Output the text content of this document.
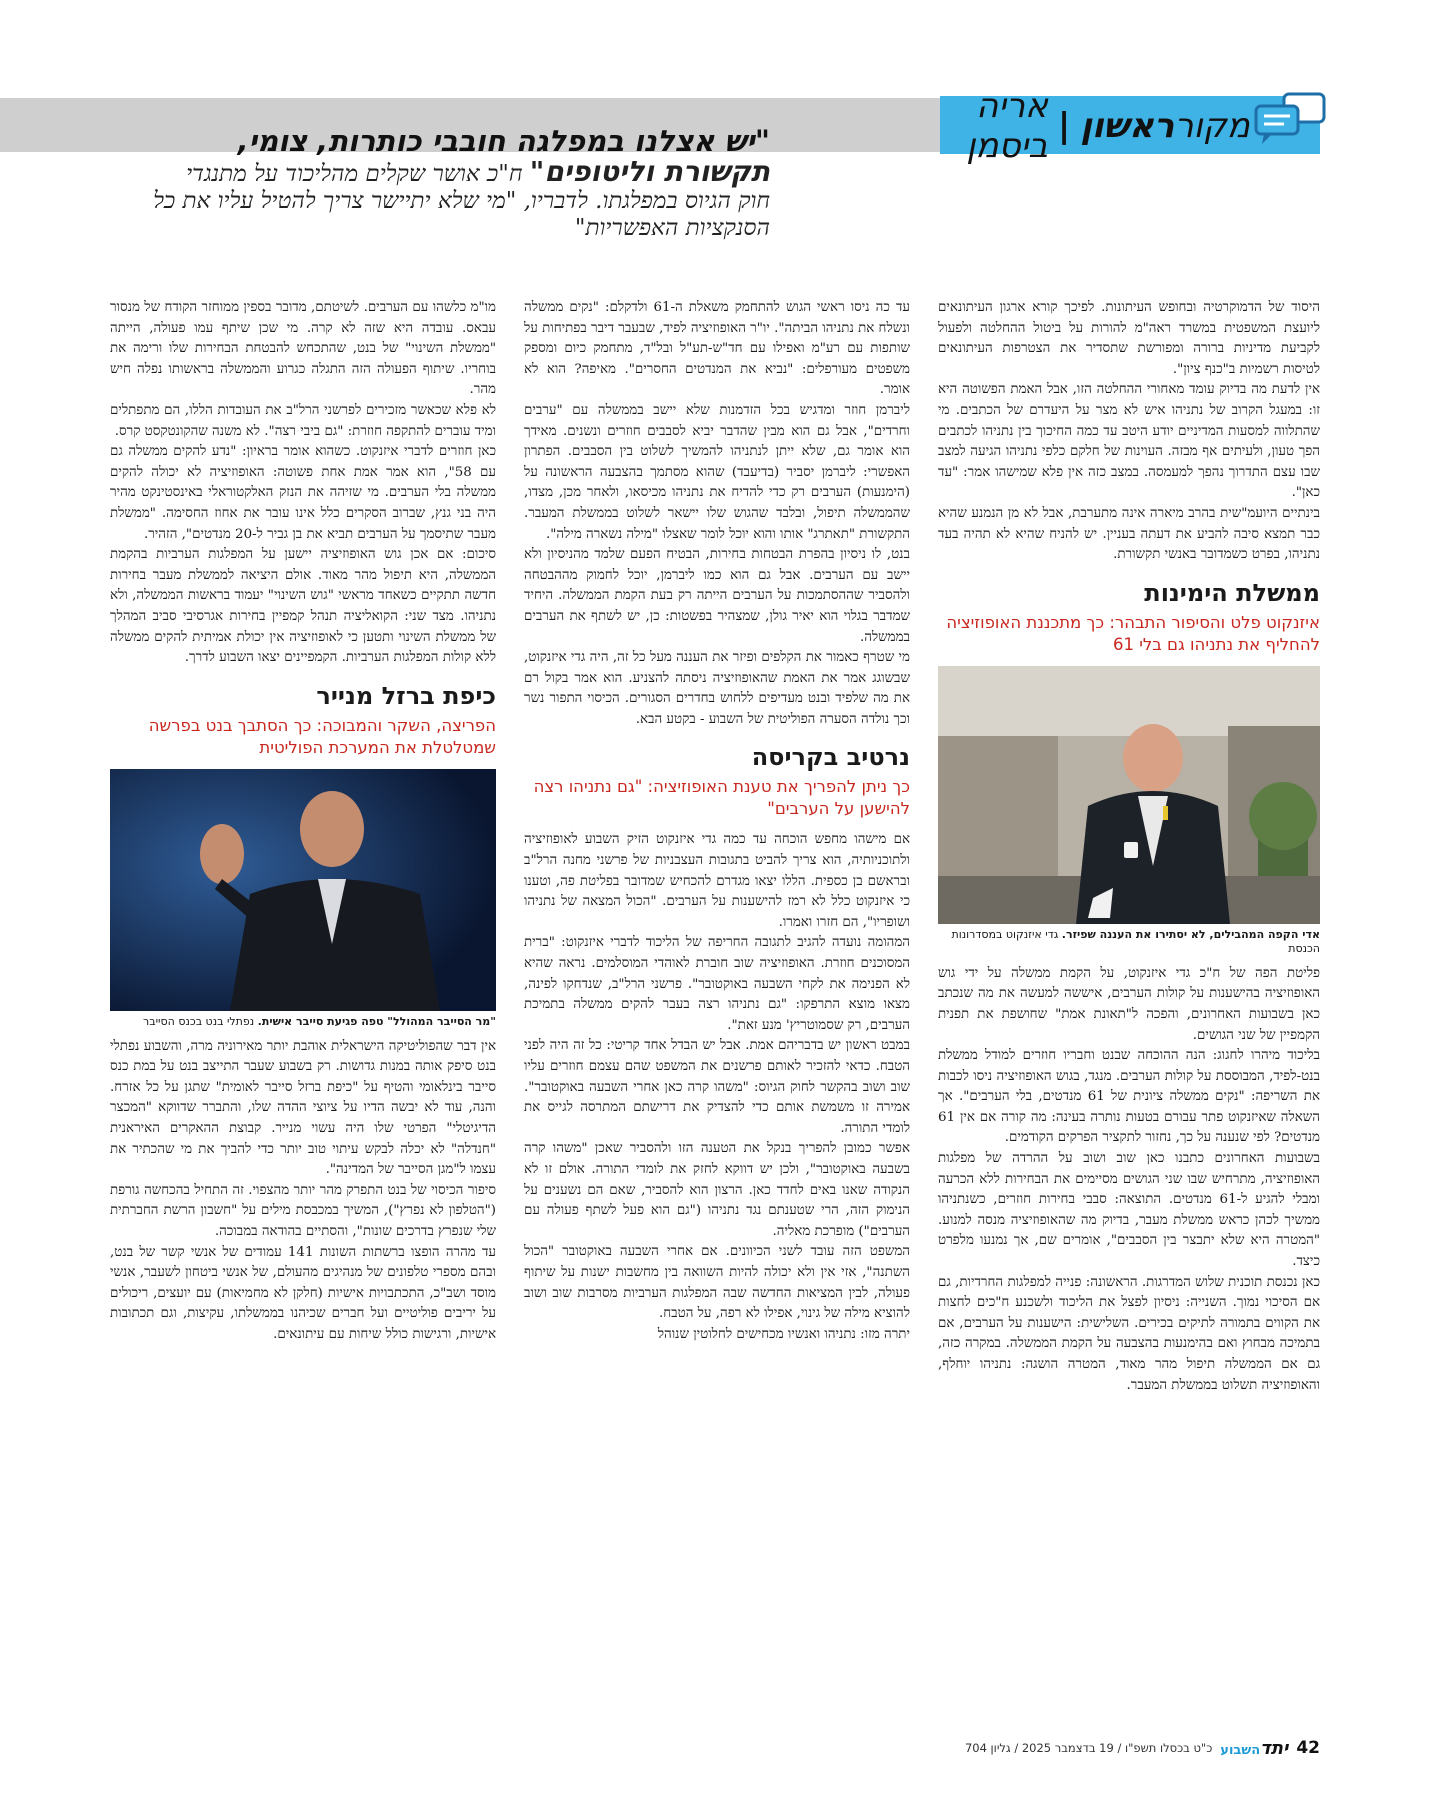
מקורראשון
|
אריה ביסמן
"יש אצלנו במפלגה חובבי כותרות, צומי,
תקשורת וליטופים" ח"כ אושר שקלים מהליכוד על מתנגדי חוק הגיוס במפלגתו. לדבריו, "מי שלא יתיישר צריך להטיל עליו את כל הסנקציות האפשריות"

היסוד של הדמוקרטיה ובחופש העיתונות. לפיכך קורא ארגון העיתונאים ליועצת המשפטית במשרד ראה"מ להורות על ביטול ההחלטה ולפעול לקביעת מדיניות ברורה ומפורשת שתסדיר את הצטרפות העיתונאים לטיסות רשמיות ב"כנף ציון".

אין לדעת מה בדיוק עומד מאחורי ההחלטה הזו, אבל האמת הפשוטה היא זו: במעגל הקרוב של נתניהו איש לא מצר על היעדרם של הכתבים. מי שהתלווה למסעות המדיניים יודע היטב עד כמה החיכוך בין נתניהו לכתבים הפך טעון, ולעיתים אף מבזה. העוינות של חלקם כלפי נתניהו הגיעה למצב שבו עצם התדרוך נהפך למעמסה. במצב כזה אין פלא שמישהו אמר: "עד כאן".

בינתיים היועמ"שית בהרב מיארה אינה מתערבת, אבל לא מן הנמנע שהיא כבר תמצא סיבה להביע את דעתה בעניין. יש להניח שהיא לא תהיה בעד נתניהו, בפרט כשמדובר באנשי תקשורת.

ממשלת הימינות
איזנקוט פלט והסיפור התבהר: כך מתכננת האופוזיציה להחליף את נתניהו גם בלי 61
אדי הקפה המהבילים, לא יסתירו את העננה שפיזר. גדי איזנקוט במסדרונות הכנסת

פליטת הפה של ח"כ גדי איזנקוט, על הקמת ממשלה על ידי גוש האופוזיציה בהישענות על קולות הערבים, איששה למעשה את מה שנכתב כאן בשבועות האחרונים, והפכה ל"תאונת אמת" שחושפת את תפנית הקמפיין של שני הגושים.

בליכוד מיהרו לחגוג: הנה ההוכחה שבנט וחבריו חוזרים למודל ממשלת בנט-לפיד, המבוססת על קולות הערבים. מנגד, בגוש האופוזיציה ניסו לכבות את השריפה: "נקים ממשלה ציונית של 61 מנדטים, בלי הערבים". אך השאלה שאיזנקוט פתר עבורם בטעות נותרה בעינה: מה קורה אם אין 61 מנדטים? לפי שנענה על כך, נחזור לתקציר הפרקים הקודמים.

בשבועות האחרונים כתבנו כאן שוב ושוב על ההרדה של מפלגות האופוזיציה, מתרחיש שבו שני הגושים מסיימים את הבחירות ללא הכרעה ומבלי להגיע ל-61 מנדטים. התוצאה: סבבי בחירות חוזרים, כשנתניהו ממשיך לכהן כראש ממשלת מעבר, בדיוק מה שהאופוזיציה מנסה למנוע. "המטרה היא שלא יתבצר בין הסבבים", אומרים שם, אך נמנעו מלפרט כיצד.

כאן נכנסת תוכנית שלוש המדרגות. הראשונה: פנייה למפלגות החרדיות, גם אם הסיכוי נמוך. השנייה: ניסיון לפצל את הליכוד ולשכנע ח"כים לחצות את הקווים בתמורה לתיקים בכירים. השלישית: הישענות על הערבים, אם בתמיכה מבחוץ ואם בהימנעות בהצבעה על הקמת הממשלה. במקרה כזה, גם אם הממשלה תיפול מהר מאוד, המטרה הושגה: נתניהו יוחלף, והאופוזיציה תשלוט בממשלת המעבר.

עד כה ניסו ראשי הגוש להתחמק משאלת ה-61 ולדקלם: "נקים ממשלה ונשלח את נתניהו הביתה". יו"ר האופוזיציה לפיד, שבעבר דיבר בפתיחות על שותפות עם רע"מ ואפילו עם חד"ש-תע"ל ובל"ד, מתחמק כיום ומספק משפטים מעורפלים: "נביא את המנדטים החסרים". מאיפה? הוא לא אומר.

ליברמן חוזר ומדגיש בכל הזדמנות שלא יישב בממשלה עם "ערבים וחרדים", אבל גם הוא מבין שהדבר יביא לסבבים חוזרים ונשנים. מאידך הוא אומר גם, שלא ייתן לנתניהו להמשיך לשלוט בין הסבבים. הפתרון האפשרי: ליברמן יסביר (בדיעבד) שהוא מסתמך בהצבעה הראשונה על (הימנעות) הערבים רק כדי להדיח את נתניהו מכיסאו, ולאחר מכן, מצדו, שהממשלה תיפול, ובלבד שהגוש שלו יישאר לשלוט בממשלת המעבר. התקשורת "תאתרג" אותו והוא יוכל לומר שאצלו "מילה נשארה מילה".

בנט, לו ניסיון בהפרת הבטחות בחירות, הבטיח הפעם שלמד מהניסיון ולא יישב עם הערבים. אבל גם הוא כמו ליברמן, יוכל לחמוק מההבטחה ולהסביר שההסתמכות על הערבים הייתה רק בעת הקמת הממשלה. היחיד שמדבר בגלוי הוא יאיר גולן, שמצהיר בפשטות: כן, יש לשתף את הערבים בממשלה.

מי שטרף כאמור את הקלפים ופיזר את העננה מעל כל זה, היה גדי איזנקוט, שבשוגג אמר את האמת שהאופוזיציה ניסתה להצניע. הוא אמר בקול רם את מה שלפיד ובנט מעדיפים ללחוש בחדרים הסגורים. הכיסוי התפור נשר וכך נולדה הסערה הפוליטית של השבוע - בקטע הבא.

נרטיב בקריסה
כך ניתן להפריך את טענת האופוזיציה: "גם נתניהו רצה להישען על הערבים"

אם מישהו מחפש הוכחה עד כמה גדי איזנקוט הזיק השבוע לאופוזיציה ולתוכניותיה, הוא צריך להביט בתגובות העצבניות של פרשני מחנה הרל"ב ובראשם בן כספית. הללו יצאו מגדרם להכחיש שמדובר בפליטת פה, וטענו כי איזנקוט כלל לא רמז להישענות על הערבים. "הכול המצאה של נתניהו ושופריו", הם חזרו ואמרו.

המהומה נועדה להגיב לתגובה החריפה של הליכוד לדברי איזנקוט: "ברית המסוכנים חוזרת. האופוזיציה שוב חוברת לאוהדי המוסלמים. נראה שהיא לא הפנימה את לקחי השבעה באוקטובר". פרשני הרל"ב, שנדחקו לפינה, מצאו מוצא התרפקו: "גם נתניהו רצה בעבר להקים ממשלה בתמיכת הערבים, רק שסמוטריץ' מנע זאת".

במבט ראשון יש בדבריהם אמת. אבל יש הבדל אחד קריטי: כל זה היה לפני הטבח. כדאי להזכיר לאותם פרשנים את המשפט שהם עצמם חוזרים עליו שוב ושוב בהקשר לחוק הגיוס: "משהו קרה כאן אחרי השבעה באוקטובר". אמירה זו משמשת אותם כדי להצדיק את דרישתם המתרסה לגייס את לומדי התורה.

אפשר כמובן להפריך בנקל את הטענה הזו ולהסביר שאכן "משהו קרה בשבעה באוקטובר", ולכן יש דווקא לחזק את לומדי התורה. אולם זו לא הנקודה שאנו באים לחדד כאן. הרצון הוא להסביר, שאם הם נשענים על הנימוק הזה, הרי שטענתם נגד נתניהו ("גם הוא פעל לשתף פעולה עם הערבים") מופרכת מאליה.

המשפט הזה עובד לשני הכיוונים. אם אחרי השבעה באוקטובר "הכול השתנה", אזי אין ולא יכולה להיות השוואה בין מחשבות ישנות על שיתוף פעולה, לבין המציאות החדשה שבה המפלגות הערביות מסרבות שוב ושוב להוציא מילה של גינוי, אפילו לא רפה, על הטבח.

יתרה מזו: נתניהו ואנשיו מכחישים לחלוטין שנוהל

מו"מ כלשהו עם הערבים. לשיטתם, מדובר בספין ממוחזר הקודח של מנסור עבאס. עובדה היא שזה לא קרה. מי שכן שיתף עמו פעולה, הייתה "ממשלת השינוי" של בנט, שהתכחש להבטחת הבחירות שלו ורימה את בוחריו. שיתוף הפעולה הזה התגלה כגרוע והממשלה בראשותו נפלה חיש מהר.

לא פלא שכאשר מזכירים לפרשני הרל"ב את העובדות הללו, הם מתפתלים ומיד עוברים להתקפה חוזרת: "גם ביבי רצה". לא משנה שהקונטקסט קרס.

כאן חוזרים לדברי איזנקוט. כשהוא אומר בראיון: "נדע להקים ממשלה גם עם 58", הוא אמר אמת אחת פשוטה: האופוזיציה לא יכולה להקים ממשלה בלי הערבים. מי שזיהה את הנזק האלקטוראלי באינסטינקט מהיר היה בני גנץ, שברוב הסקרים כלל אינו עובר את אחוז החסימה. "ממשלת מעבר שתיסמך על הערבים תביא את בן גביר ל-20 מנדטים", הזהיר.

סיכום: אם אכן גוש האופוזיציה יישען על המפלגות הערביות בהקמת הממשלה, היא תיפול מהר מאוד. אולם היציאה לממשלת מעבר בחירות חדשה תתקיים כשאחד מראשי "גוש השינוי" יעמוד בראשות הממשלה, ולא נתניהו. מצד שני: הקואליציה תנהל קמפיין בחירות אגרסיבי סביב המהלך של ממשלת השינוי ותטען כי לאופוזיציה אין יכולת אמיתית להקים ממשלה ללא קולות המפלגות הערביות. הקמפיינים יצאו השבוע לדרך.

כיפת ברזל מנייר
הפריצה, השקר והמבוכה: כך הסתבך בנט בפרשה שמטלטלת את המערכת הפוליטית
"מר הסייבר המהולל" טפה פגיעת סייבר אישית. נפתלי בנט בכנס הסייבר

אין דבר שהפוליטיקה הישראלית אוהבת יותר מאירוניה מרה, והשבוע נפתלי בנט סיפק אותה במנות גדושות. רק בשבוע שעבר התייצב בנט על במת כנס סייבר בינלאומי והטיף על "כיפת ברזל סייבר לאומית" שתגן על כל אזרח. והנה, עוד לא יבשה הדיו על ציוצי ההדה שלו, והתברר שדווקא "המכצר הדיגיטלי" הפרטי שלו היה עשוי מנייר. קבוצת ההאקרים האיראנית "חנדלה" לא יכלה לבקש עיתוי טוב יותר כדי להביך את מי שהכתיר את עצמו ל"מגן הסייבר של המדינה".

סיפור הכיסוי של בנט התפרק מהר יותר מהצפוי. זה התחיל בהכחשה גורפת ("הטלפון לא נפרץ"), המשיך במכבסת מילים על "חשבון הרשת החברתית שלי שנפרץ בדרכים שונות", והסתיים בהודאה במבוכה.

עד מהרה הופצו ברשתות השונות 141 עמודים של אנשי קשר של בנט, ובהם מספרי טלפונים של מנהיגים מהעולם, של אנשי ביטחון לשעבר, אנשי מוסד ושב"כ, התכתבויות אישיות (חלקן לא מחמיאות) עם יועצים, ריכולים על יריבים פוליטיים ועל חברים שכיהנו בממשלתו, עקיצות, וגם תכתובות אישיות, ורגישות כולל שיחות עם עיתונאים.

42
יתדהשבוע
כ"ט בכסלו תשפ"ו / 19 בדצמבר 2025 / גליון 704
